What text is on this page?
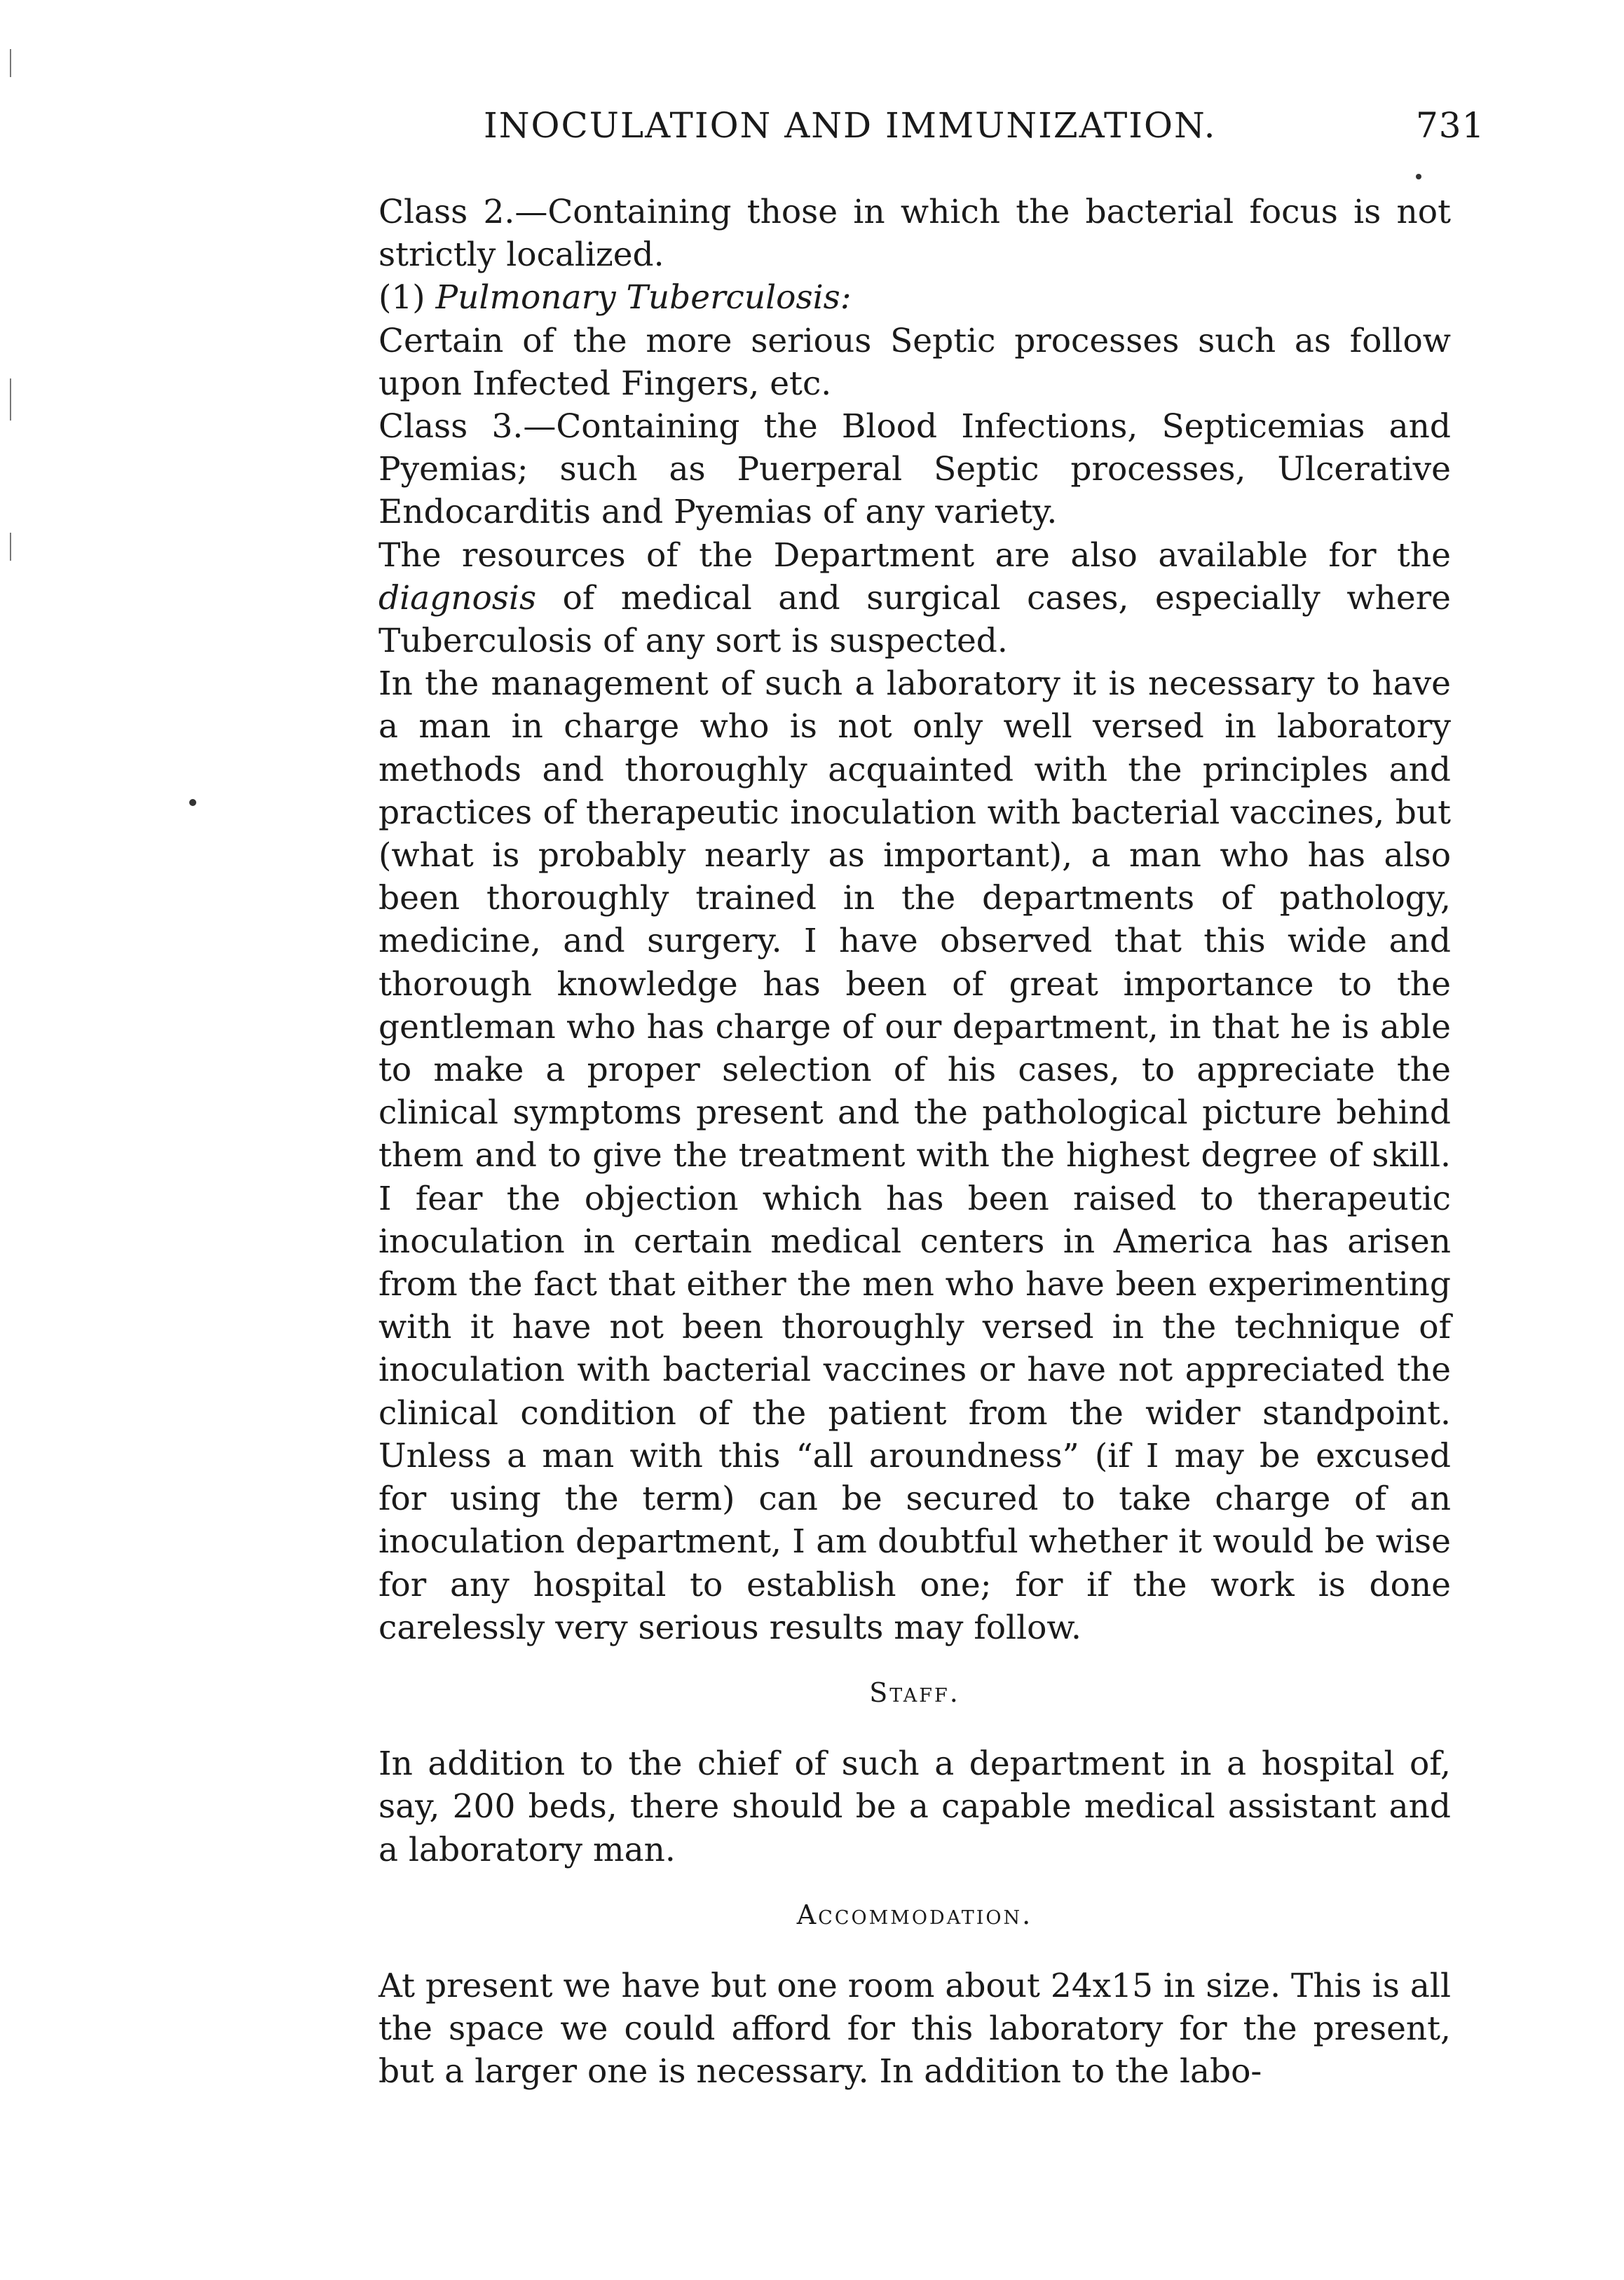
INOCULATION AND IMMUNIZATION.	731

Class 2.—Containing those in which the bacterial focus is not strictly localized.

(1) Pulmonary Tuberculosis:

Certain of the more serious Septic processes such as follow upon Infected Fingers, etc.

Class 3.—Containing the Blood Infections, Septicemias and Pyemias; such as Puerperal Septic processes, Ulcerative Endocarditis and Pyemias of any variety.

The resources of the Department are also available for the diagnosis of medical and surgical cases, especially where Tuberculosis of any sort is suspected.

In the management of such a laboratory it is necessary to have a man in charge who is not only well versed in laboratory methods and thoroughly acquainted with the principles and practices of therapeutic inoculation with bacterial vaccines, but (what is probably nearly as important), a man who has also been thoroughly trained in the departments of pathology, medicine, and surgery. I have observed that this wide and thorough knowledge has been of great importance to the gentleman who has charge of our department, in that he is able to make a proper selection of his cases, to appreciate the clinical symptoms present and the pathological picture behind them and to give the treatment with the highest degree of skill. I fear the objection which has been raised to therapeutic inoculation in certain medical centers in America has arisen from the fact that either the men who have been experimenting with it have not been thoroughly versed in the technique of inoculation with bacterial vaccines or have not appreciated the clinical condition of the patient from the wider standpoint. Unless a man with this “all aroundness” (if I may be excused for using the term) can be secured to take charge of an inoculation department, I am doubtful whether it would be wise for any hospital to establish one; for if the work is done carelessly very serious results may follow.

Staff.

In addition to the chief of such a department in a hospital of, say, 200 beds, there should be a capable medical assistant and a laboratory man.

Accommodation.

At present we have but one room about 24x15 in size. This is all the space we could afford for this laboratory for the present, but a larger one is necessary. In addition to the labo-
